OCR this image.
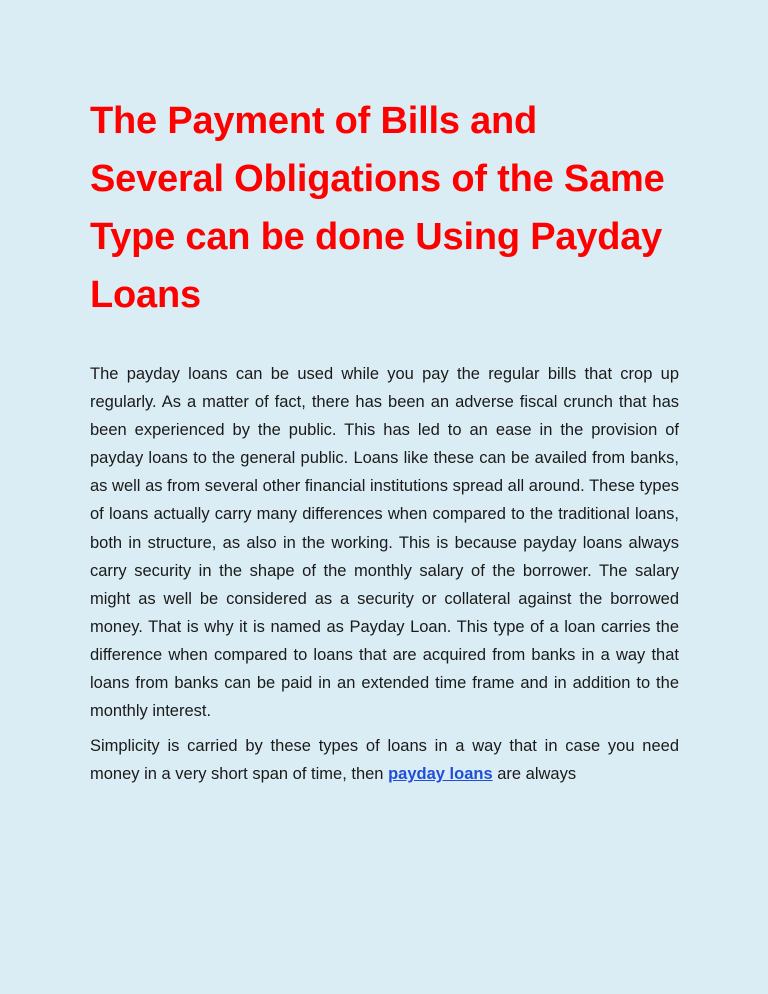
The Payment of Bills and Several Obligations of the Same Type can be done Using Payday Loans

The payday loans can be used while you pay the regular bills that crop up regularly. As a matter of fact, there has been an adverse fiscal crunch that has been experienced by the public. This has led to an ease in the provision of payday loans to the general public. Loans like these can be availed from banks, as well as from several other financial institutions spread all around. These types of loans actually carry many differences when compared to the traditional loans, both in structure, as also in the working. This is because payday loans always carry security in the shape of the monthly salary of the borrower. The salary might as well be considered as a security or collateral against the borrowed money. That is why it is named as Payday Loan. This type of a loan carries the difference when compared to loans that are acquired from banks in a way that loans from banks can be paid in an extended time frame and in addition to the monthly interest.

Simplicity is carried by these types of loans in a way that in case you need money in a very short span of time, then payday loans are always
